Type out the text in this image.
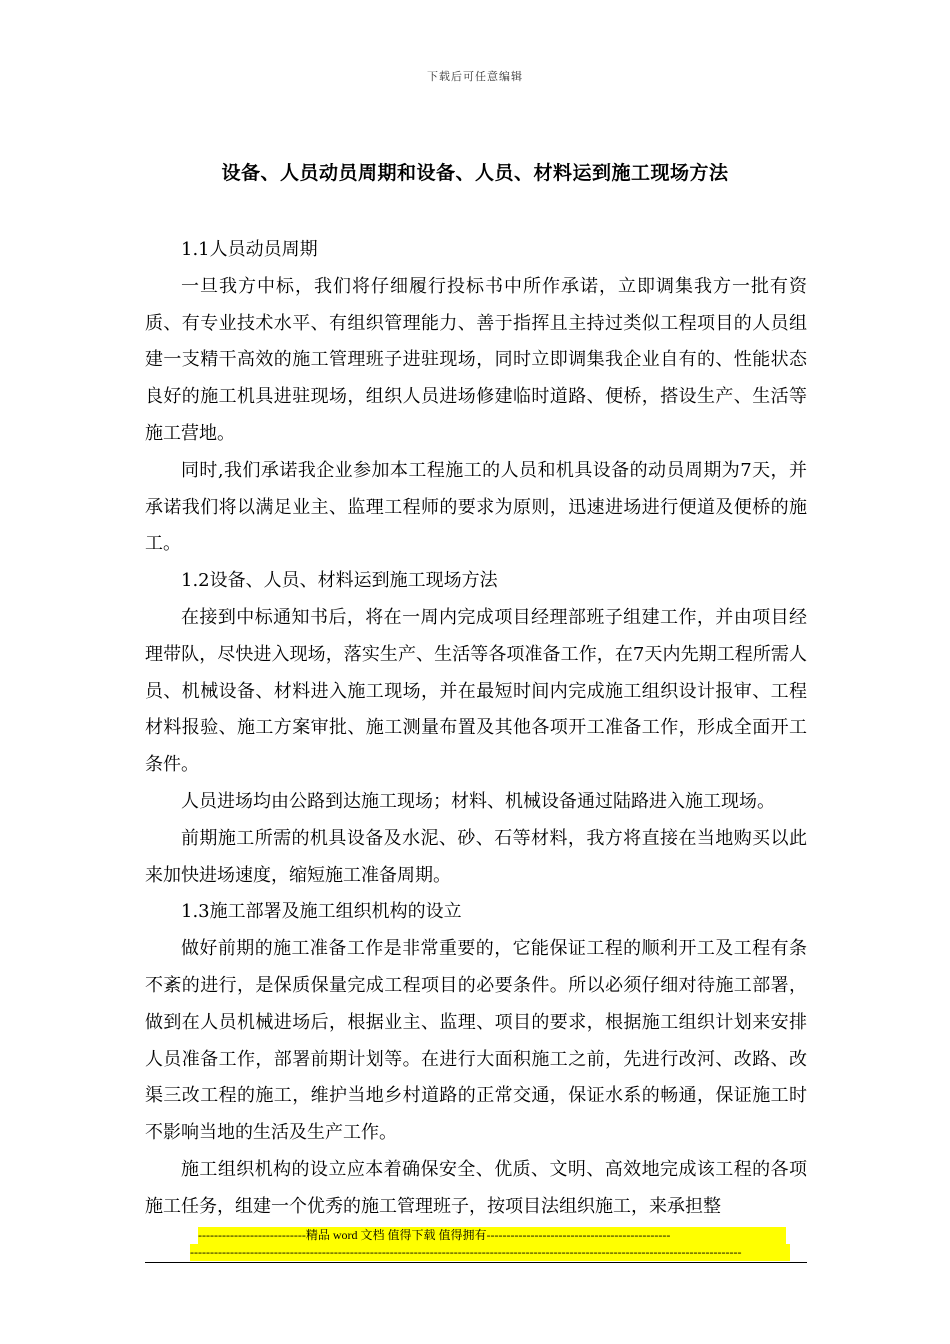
下载后可任意编辑
设备、人员动员周期和设备、人员、材料运到施工现场方法

1.1人员动员周期

一旦我方中标，我们将仔细履行投标书中所作承诺，立即调集我方一批有资质、有专业技术水平、有组织管理能力、善于指挥且主持过类似工程项目的人员组建一支精干高效的施工管理班子进驻现场，同时立即调集我企业自有的、性能状态良好的施工机具进驻现场，组织人员进场修建临时道路、便桥，搭设生产、生活等施工营地。

同时,我们承诺我企业参加本工程施工的人员和机具设备的动员周期为7天，并承诺我们将以满足业主、监理工程师的要求为原则，迅速进场进行便道及便桥的施工。

1.2设备、人员、材料运到施工现场方法

在接到中标通知书后，将在一周内完成项目经理部班子组建工作，并由项目经理带队，尽快进入现场，落实生产、生活等各项准备工作，在7天内先期工程所需人员、机械设备、材料进入施工现场，并在最短时间内完成施工组织设计报审、工程材料报验、施工方案审批、施工测量布置及其他各项开工准备工作，形成全面开工条件。

人员进场均由公路到达施工现场；材料、机械设备通过陆路进入施工现场。

前期施工所需的机具设备及水泥、砂、石等材料，我方将直接在当地购买以此来加快进场速度，缩短施工准备周期。

1.3施工部署及施工组织机构的设立

做好前期的施工准备工作是非常重要的，它能保证工程的顺利开工及工程有条不紊的进行，是保质保量完成工程项目的必要条件。所以必须仔细对待施工部署，做到在人员机械进场后，根据业主、监理、项目的要求，根据施工组织计划来安排人员准备工作，部署前期计划等。在进行大面积施工之前，先进行改河、改路、改渠三改工程的施工，维护当地乡村道路的正常交通，保证水系的畅通，保证施工时不影响当地的生活及生产工作。

施工组织机构的设立应本着确保安全、优质、文明、高效地完成该工程的各项施工任务，组建一个优秀的施工管理班子，按项目法组织施工，来承担整

---------------------------精品 word 文档 值得下载 值得拥有----------------------------------------------
------------------------------------------------------------------------------------------------------------------------------------------
